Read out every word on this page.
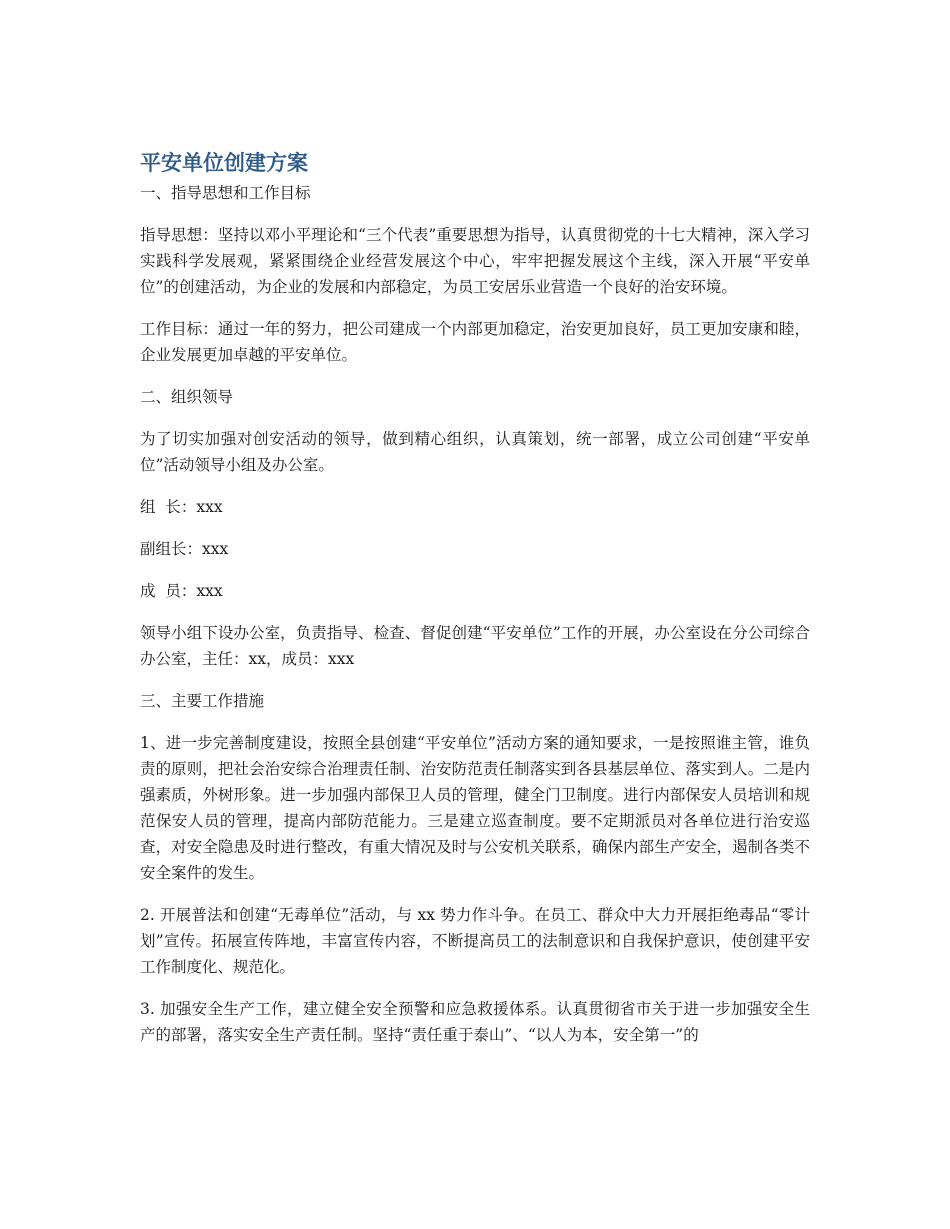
平安单位创建方案

一、指导思想和工作目标

指导思想：坚持以邓小平理论和“三个代表”重要思想为指导，认真贯彻党的十七大精神，深入学习实践科学发展观，紧紧围绕企业经营发展这个中心，牢牢把握发展这个主线，深入开展“平安单位”的创建活动，为企业的发展和内部稳定，为员工安居乐业营造一个良好的治安环境。

工作目标：通过一年的努力，把公司建成一个内部更加稳定，治安更加良好，员工更加安康和睦，企业发展更加卓越的平安单位。

二、组织领导

为了切实加强对创安活动的领导，做到精心组织，认真策划，统一部署，成立公司创建“平安单位”活动领导小组及办公室。

组  长：xxx

副组长：xxx

成  员：xxx

领导小组下设办公室，负责指导、检查、督促创建“平安单位”工作的开展，办公室设在分公司综合办公室，主任：xx，成员：xxx

三、主要工作措施

1、进一步完善制度建设，按照全县创建“平安单位”活动方案的通知要求，一是按照谁主管，谁负责的原则，把社会治安综合治理责任制、治安防范责任制落实到各县基层单位、落实到人。二是内强素质，外树形象。进一步加强内部保卫人员的管理，健全门卫制度。进行内部保安人员培训和规范保安人员的管理，提高内部防范能力。三是建立巡查制度。要不定期派员对各单位进行治安巡查，对安全隐患及时进行整改，有重大情况及时与公安机关联系，确保内部生产安全，遏制各类不安全案件的发生。

2. 开展普法和创建“无毒单位”活动，与 xx 势力作斗争。在员工、群众中大力开展拒绝毒品“零计划”宣传。拓展宣传阵地，丰富宣传内容，不断提高员工的法制意识和自我保护意识，使创建平安工作制度化、规范化。

3. 加强安全生产工作，建立健全安全预警和应急救援体系。认真贯彻省市关于进一步加强安全生产的部署，落实安全生产责任制。坚持“责任重于泰山”、“以人为本，安全第一”的
